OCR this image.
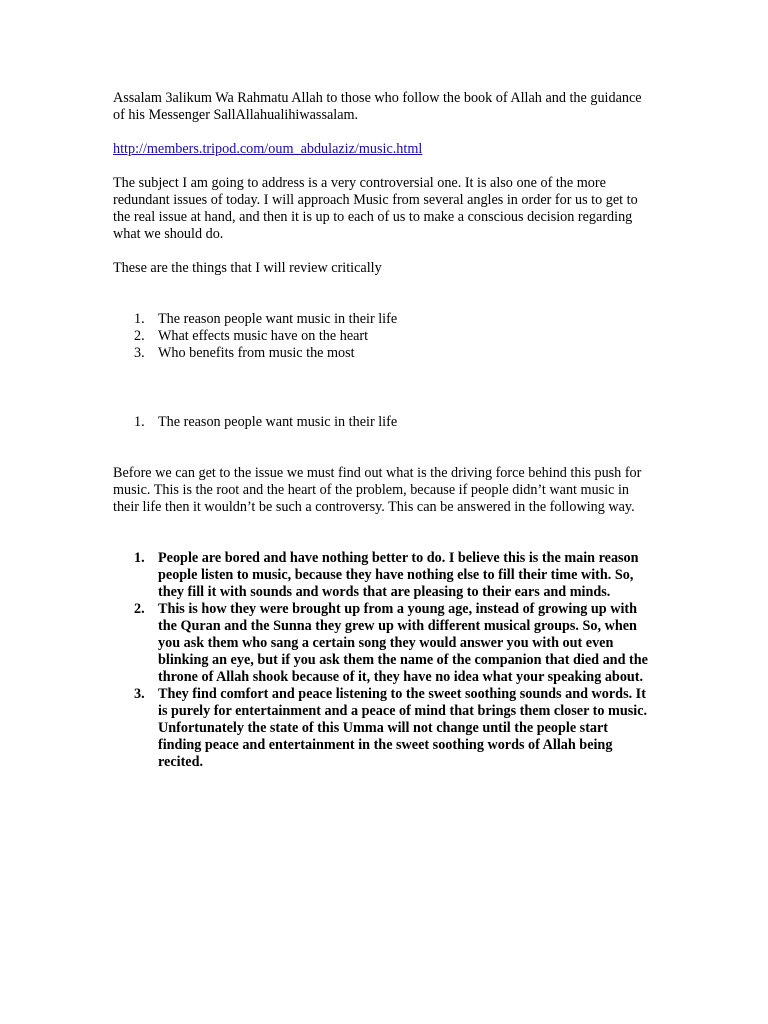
Assalam 3alikum Wa Rahmatu Allah to those who follow the book of Allah and the guidance of his Messenger SallAllahualihiwassalam.

http://members.tripod.com/oum_abdulaziz/music.html

The subject I am going to address is a very controversial one. It is also one of the more redundant issues of today. I will approach Music from several angles in order for us to get to the real issue at hand, and then it is up to each of us to make a conscious decision regarding what we should do.

These are the things that I will review critically

1. The reason people want music in their life
2. What effects music have on the heart
3. Who benefits from music the most
1. The reason people want music in their life

Before we can get to the issue we must find out what is the driving force behind this push for music. This is the root and the heart of the problem, because if people didn’t want music in their life then it wouldn’t be such a controversy. This can be answered in the following way.

1. People are bored and have nothing better to do. I believe this is the main reason people listen to music, because they have nothing else to fill their time with. So, they fill it with sounds and words that are pleasing to their ears and minds.
2. This is how they were brought up from a young age, instead of growing up with the Quran and the Sunna they grew up with different musical groups. So, when you ask them who sang a certain song they would answer you with out even blinking an eye, but if you ask them the name of the companion that died and the throne of Allah shook because of it, they have no idea what your speaking about.
3. They find comfort and peace listening to the sweet soothing sounds and words. It is purely for entertainment and a peace of mind that brings them closer to music. Unfortunately the state of this Umma will not change until the people start finding peace and entertainment in the sweet soothing words of Allah being recited.
